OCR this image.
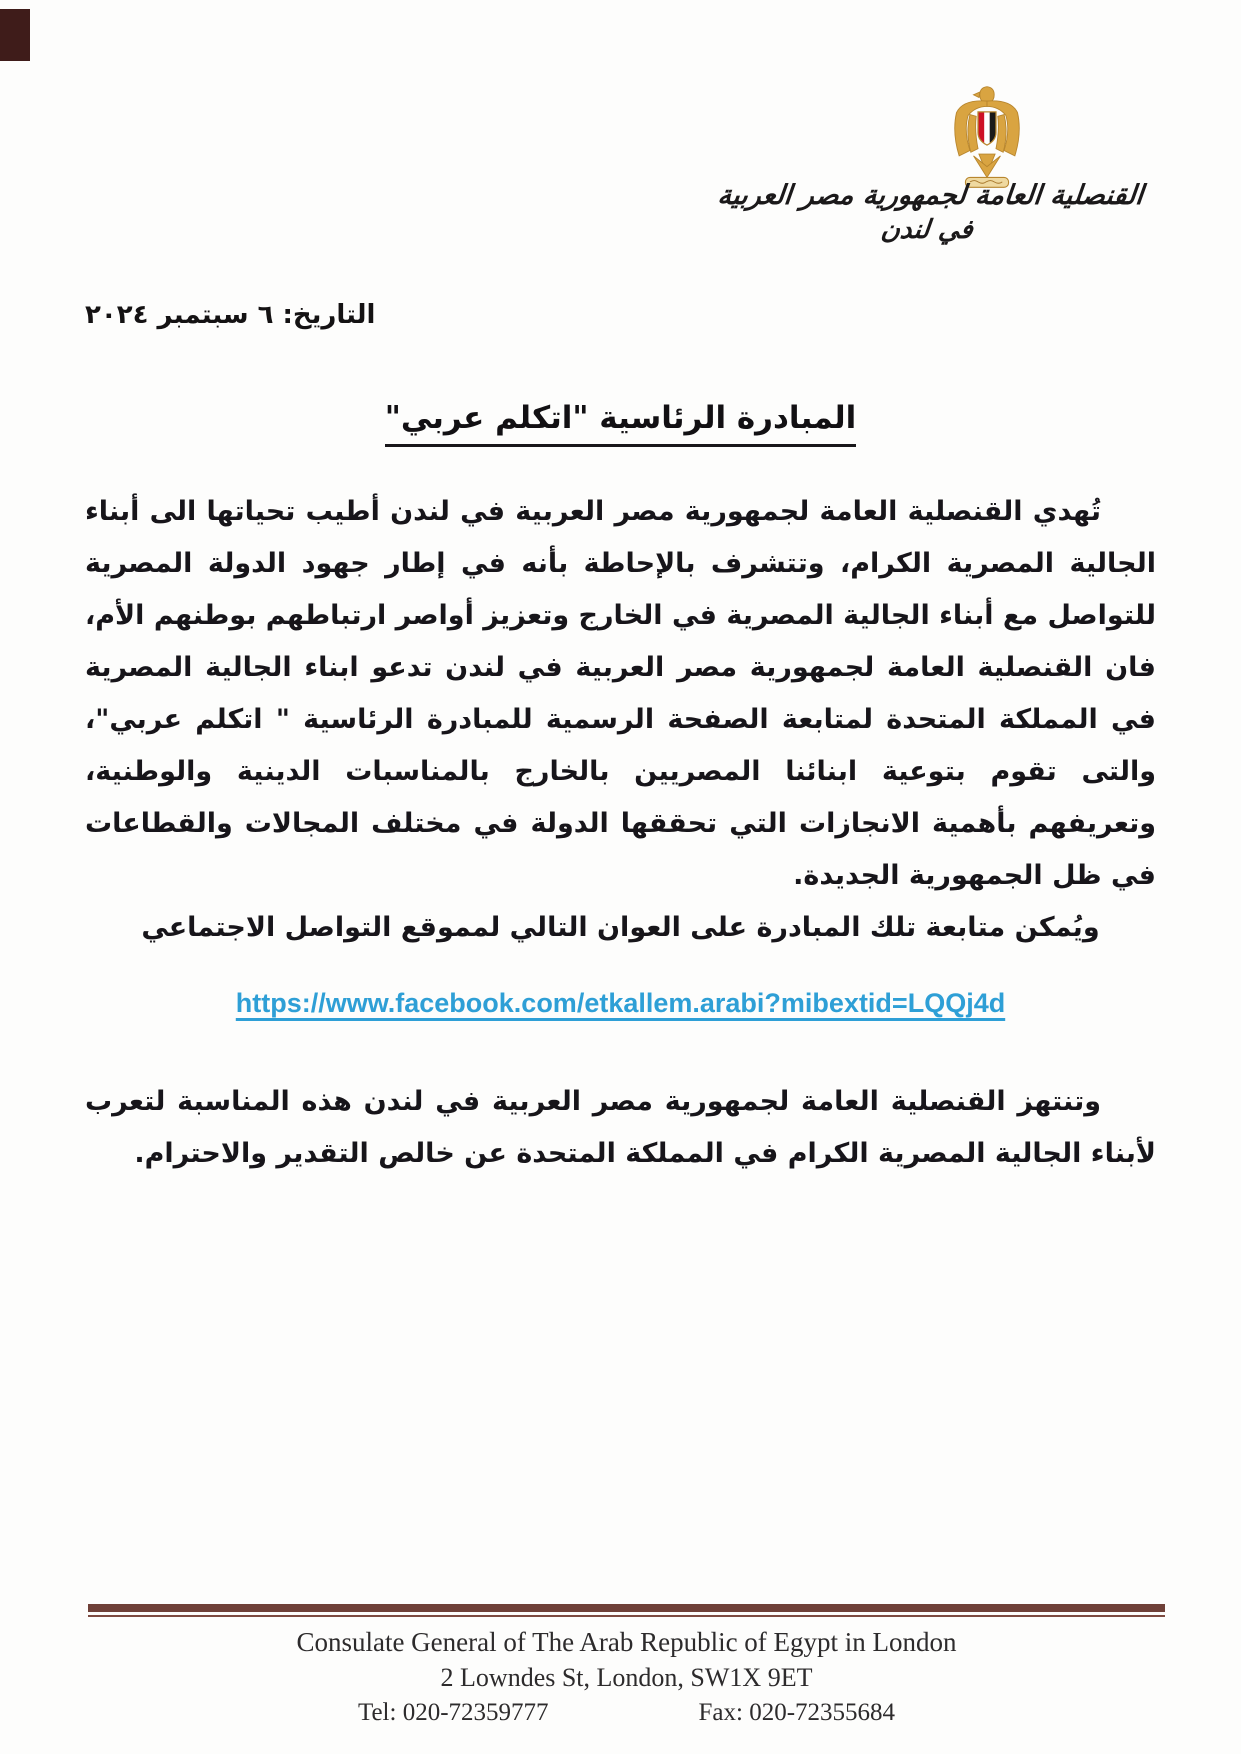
القنصلية العامة لجمهورية مصر العربية
في لندن
التاريخ: ٦ سبتمبر ٢٠٢٤
المبادرة الرئاسية "اتكلم عربي"

تُهدي القنصلية العامة لجمهورية مصر العربية في لندن أطيب تحياتها الى أبناء الجالية المصرية الكرام، وتتشرف بالإحاطة بأنه في إطار جهود الدولة المصرية للتواصل مع أبناء الجالية المصرية في الخارج وتعزيز أواصر ارتباطهم بوطنهم الأم، فان القنصلية العامة لجمهورية مصر العربية في لندن تدعو ابناء الجالية المصرية في المملكة المتحدة لمتابعة الصفحة الرسمية للمبادرة الرئاسية " اتكلم عربي"، والتى تقوم بتوعية ابنائنا المصريين بالخارج بالمناسبات الدينية والوطنية، وتعريفهم بأهمية الانجازات التي تحققها الدولة في مختلف المجالات والقطاعات في ظل الجمهورية الجديدة.

ويُمكن متابعة تلك المبادرة على العوان التالي لمموقع التواصل الاجتماعي

https://www.facebook.com/etkallem.arabi?mibextid=LQQj4d

وتنتهز القنصلية العامة لجمهورية مصر العربية في لندن هذه المناسبة لتعرب لأبناء الجالية المصرية الكرام في المملكة المتحدة عن خالص التقدير والاحترام.

Consulate General of The Arab Republic of Egypt in London
2 Lowndes St, London, SW1X 9ET
Tel: 020-72359777	Fax: 020-72355684
